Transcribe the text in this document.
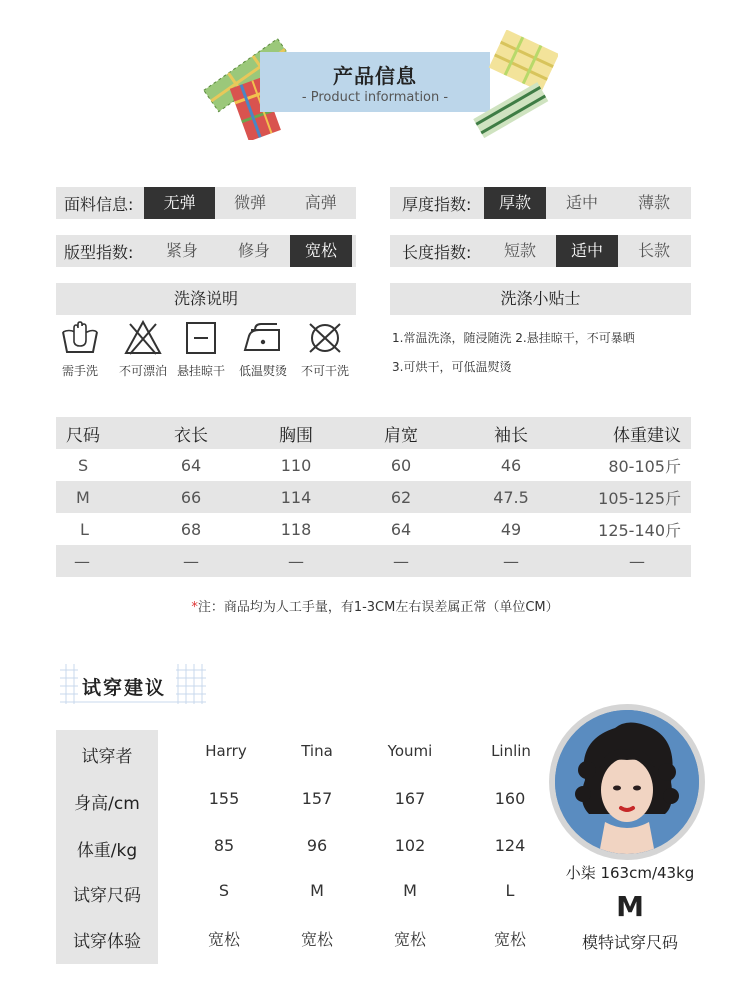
产品信息
- Product information -
面料信息:	无弹	微弹	高弹	厚度指数:	厚款	适中	薄款
版型指数:	紧身	修身	宽松	长度指数:	短款	适中	长款
洗涤说明	洗涤小贴士
需手洗	不可漂泊 悬挂晾干	低温熨烫	不可干洗
1.常温洗涤，随浸随洗 2.悬挂晾干，不可暴晒
3.可烘干，可低温熨烫
尺码	衣长	胸围	肩宽	袖长	体重建议
S	64	110	60	46	80-105斤
M	66	114	62	47.5	105-125斤
L	68	118	64	49	125-140斤
—	—	—	—	—	—
*注：商品均为人工手量，有1-3CM左右误差属正常（单位CM）
试穿建议
试穿者	Harry	Tina	Youmi	Linlin
身高/cm	155	157	167	160
体重/kg	85	96	102	124
试穿尺码	S	M	M	L
试穿体验	宽松	宽松	宽松	宽松
小柒 163cm/43kg
M
模特试穿尺码
